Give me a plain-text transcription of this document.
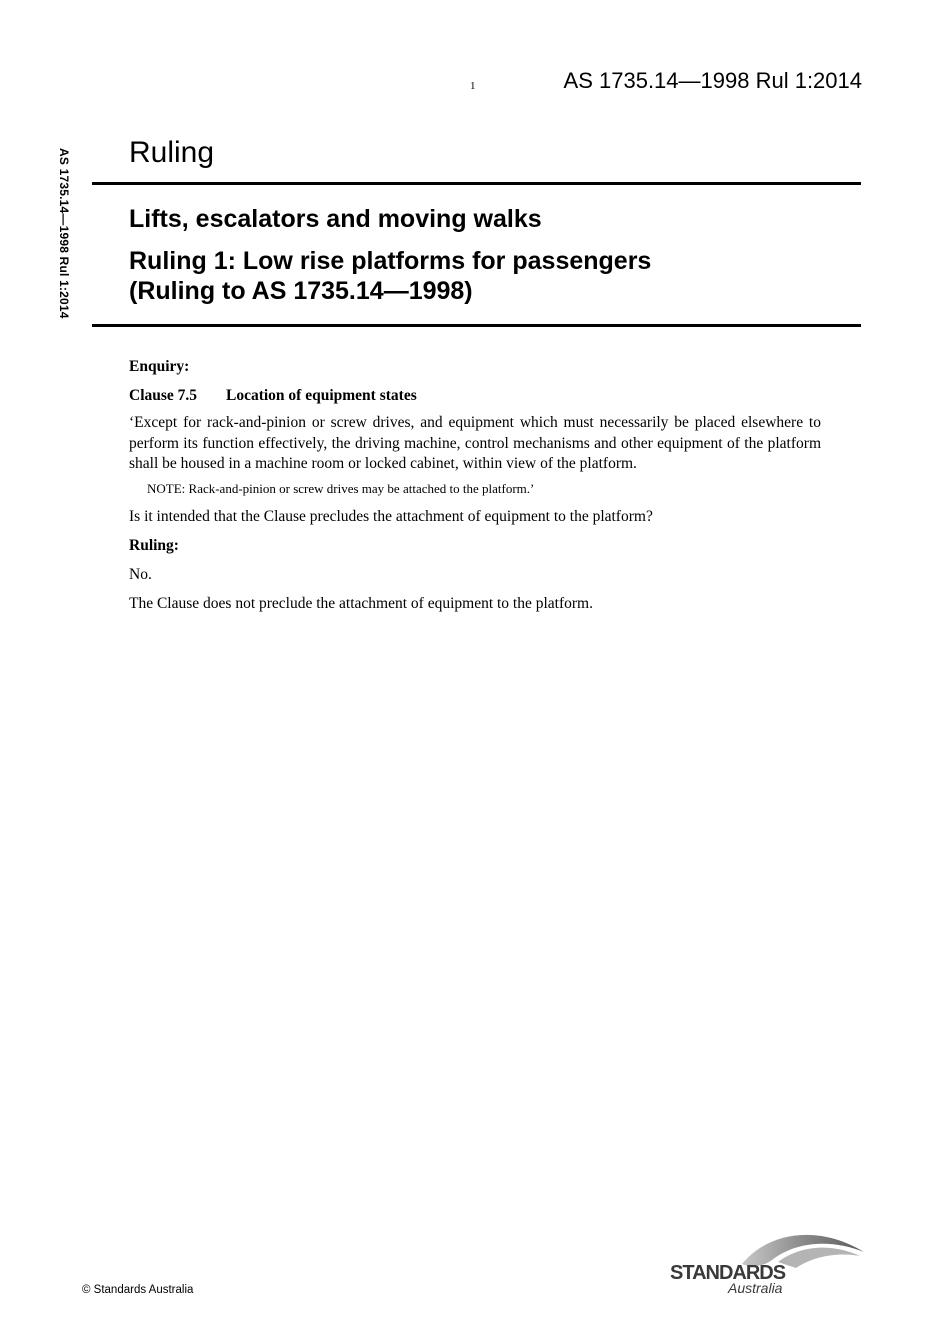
1	AS 1735.14—1998 Rul 1:2014
AS 1735.14—1998 Rul 1:2014 Ruling
Lifts, escalators and moving walks
Ruling 1: Low rise platforms for passengers
(Ruling to AS 1735.14—1998)

Enquiry:

Clause 7.5 Location of equipment states

‘Except for rack-and-pinion or screw drives, and equipment which must necessarily be placed elsewhere to perform its function effectively, the driving machine, control mechanisms and other equipment of the platform shall be housed in a machine room or locked cabinet, within view of the platform.

NOTE: Rack-and-pinion or screw drives may be attached to the platform.’

Is it intended that the Clause precludes the attachment of equipment to the platform?

Ruling:

No.

The Clause does not preclude the attachment of equipment to the platform.

© Standards Australia
STANDARDS
Australia
